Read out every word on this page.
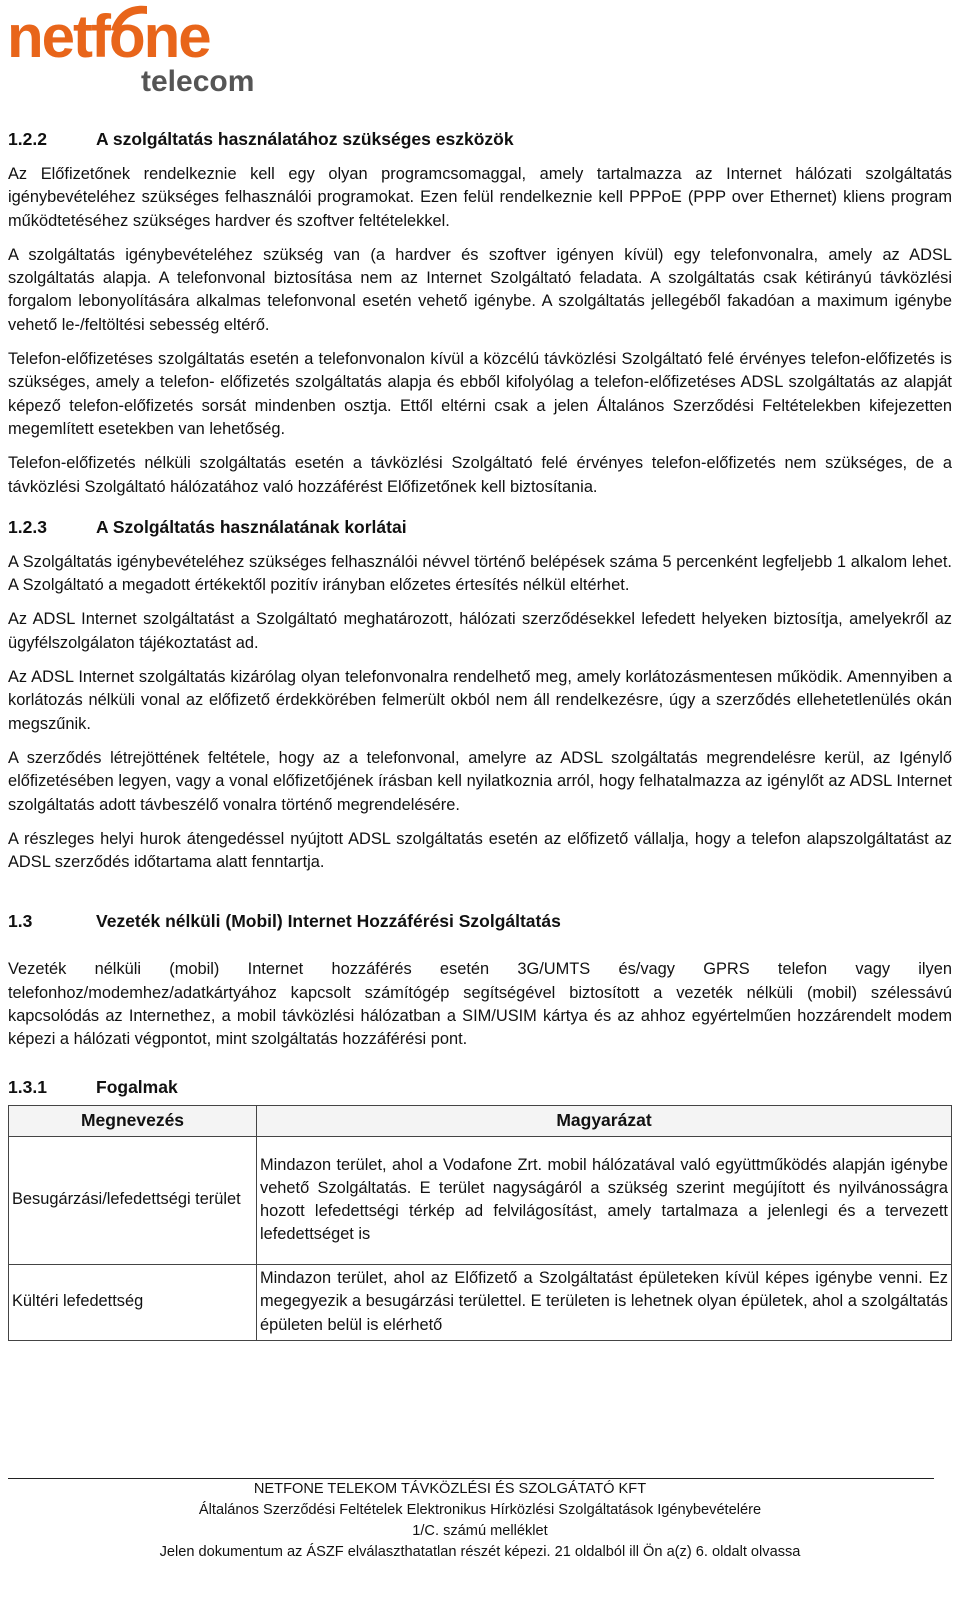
netfone
telecom
1.2.2	A szolgáltatás használatához szükséges eszközök

Az Előfizetőnek rendelkeznie kell egy olyan programcsomaggal, amely tartalmazza az Internet hálózati szolgáltatás igénybevételéhez szükséges felhasználói programokat. Ezen felül rendelkeznie kell PPPoE (PPP over Ethernet) kliens program működtetéséhez szükséges hardver és szoftver feltételekkel.

A szolgáltatás igénybevételéhez szükség van (a hardver és szoftver igényen kívül) egy telefonvonalra, amely az ADSL szolgáltatás alapja. A telefonvonal biztosítása nem az Internet Szolgáltató feladata. A szolgáltatás csak kétirányú távközlési forgalom lebonyolítására alkalmas telefonvonal esetén vehető igénybe. A szolgáltatás jellegéből fakadóan a maximum igénybe vehető le-/feltöltési sebesség eltérő.

Telefon-előfizetéses szolgáltatás esetén a telefonvonalon kívül a közcélú távközlési Szolgáltató felé érvényes telefon-előfizetés is szükséges, amely a telefon- előfizetés szolgáltatás alapja és ebből kifolyólag a telefon-előfizetéses ADSL szolgáltatás az alapját képező telefon-előfizetés sorsát mindenben osztja. Ettől eltérni csak a jelen Általános Szerződési Feltételekben kifejezetten megemlített esetekben van lehetőség.

Telefon-előfizetés nélküli szolgáltatás esetén a távközlési Szolgáltató felé érvényes telefon-előfizetés nem szükséges, de a távközlési Szolgáltató hálózatához való hozzáférést Előfizetőnek kell biztosítania.

1.2.3	A Szolgáltatás használatának korlátai

A Szolgáltatás igénybevételéhez szükséges felhasználói névvel történő belépések száma 5 percenként legfeljebb 1 alkalom lehet. A Szolgáltató a megadott értékektől pozitív irányban előzetes értesítés nélkül eltérhet.

Az ADSL Internet szolgáltatást a Szolgáltató meghatározott, hálózati szerződésekkel lefedett helyeken biztosítja, amelyekről az ügyfélszolgálaton tájékoztatást ad.

Az ADSL Internet szolgáltatás kizárólag olyan telefonvonalra rendelhető meg, amely korlátozásmentesen működik. Amennyiben a korlátozás nélküli vonal az előfizető érdekkörében felmerült okból nem áll rendelkezésre, úgy a szerződés ellehetetlenülés okán megszűnik.

A szerződés létrejöttének feltétele, hogy az a telefonvonal, amelyre az ADSL szolgáltatás megrendelésre kerül, az Igénylő előfizetésében legyen, vagy a vonal előfizetőjének írásban kell nyilatkoznia arról, hogy felhatalmazza az igénylőt az ADSL Internet szolgáltatás adott távbeszélő vonalra történő megrendelésére.

A részleges helyi hurok átengedéssel nyújtott ADSL szolgáltatás esetén az előfizető vállalja, hogy a telefon alapszolgáltatást az ADSL szerződés időtartama alatt fenntartja.

1.3	Vezeték nélküli (Mobil) Internet Hozzáférési Szolgáltatás

Vezeték nélküli (mobil) Internet hozzáférés esetén 3G/UMTS és/vagy GPRS telefon vagy ilyen telefonhoz/modemhez/adatkártyához kapcsolt számítógép segítségével biztosított a vezeték nélküli (mobil) szélessávú kapcsolódás az Internethez, a mobil távközlési hálózatban a SIM/USIM kártya és az ahhoz egyértelműen hozzárendelt modem képezi a hálózati végpontot, mint szolgáltatás hozzáférési pont.

1.3.1	Fogalmak
Megnevezés	Magyarázat
Besugárzási/lefedettségi terület	Mindazon terület, ahol a Vodafone Zrt. mobil hálózatával való együttműködés alapján igénybe vehető Szolgáltatás. E terület nagyságáról a szükség szerint megújított és nyilvánosságra hozott lefedettségi térkép ad felvilágosítást, amely tartalmaza a jelenlegi és a tervezett lefedettséget is
Kültéri lefedettség	Mindazon terület, ahol az Előfizető a Szolgáltatást épületeken kívül képes igénybe venni. Ez megegyezik a besugárzási területtel. E területen is lehetnek olyan épületek, ahol a szolgáltatás épületen belül is elérhető
NETFONE TELEKOM TÁVKÖZLÉSI ÉS SZOLGÁTATÓ KFT
Általános Szerződési Feltételek Elektronikus Hírközlési Szolgáltatások Igénybevételére
1/C. számú melléklet
Jelen dokumentum az ÁSZF elválaszthatatlan részét képezi. 21 oldalból ill Ön a(z) 6. oldalt olvassa
